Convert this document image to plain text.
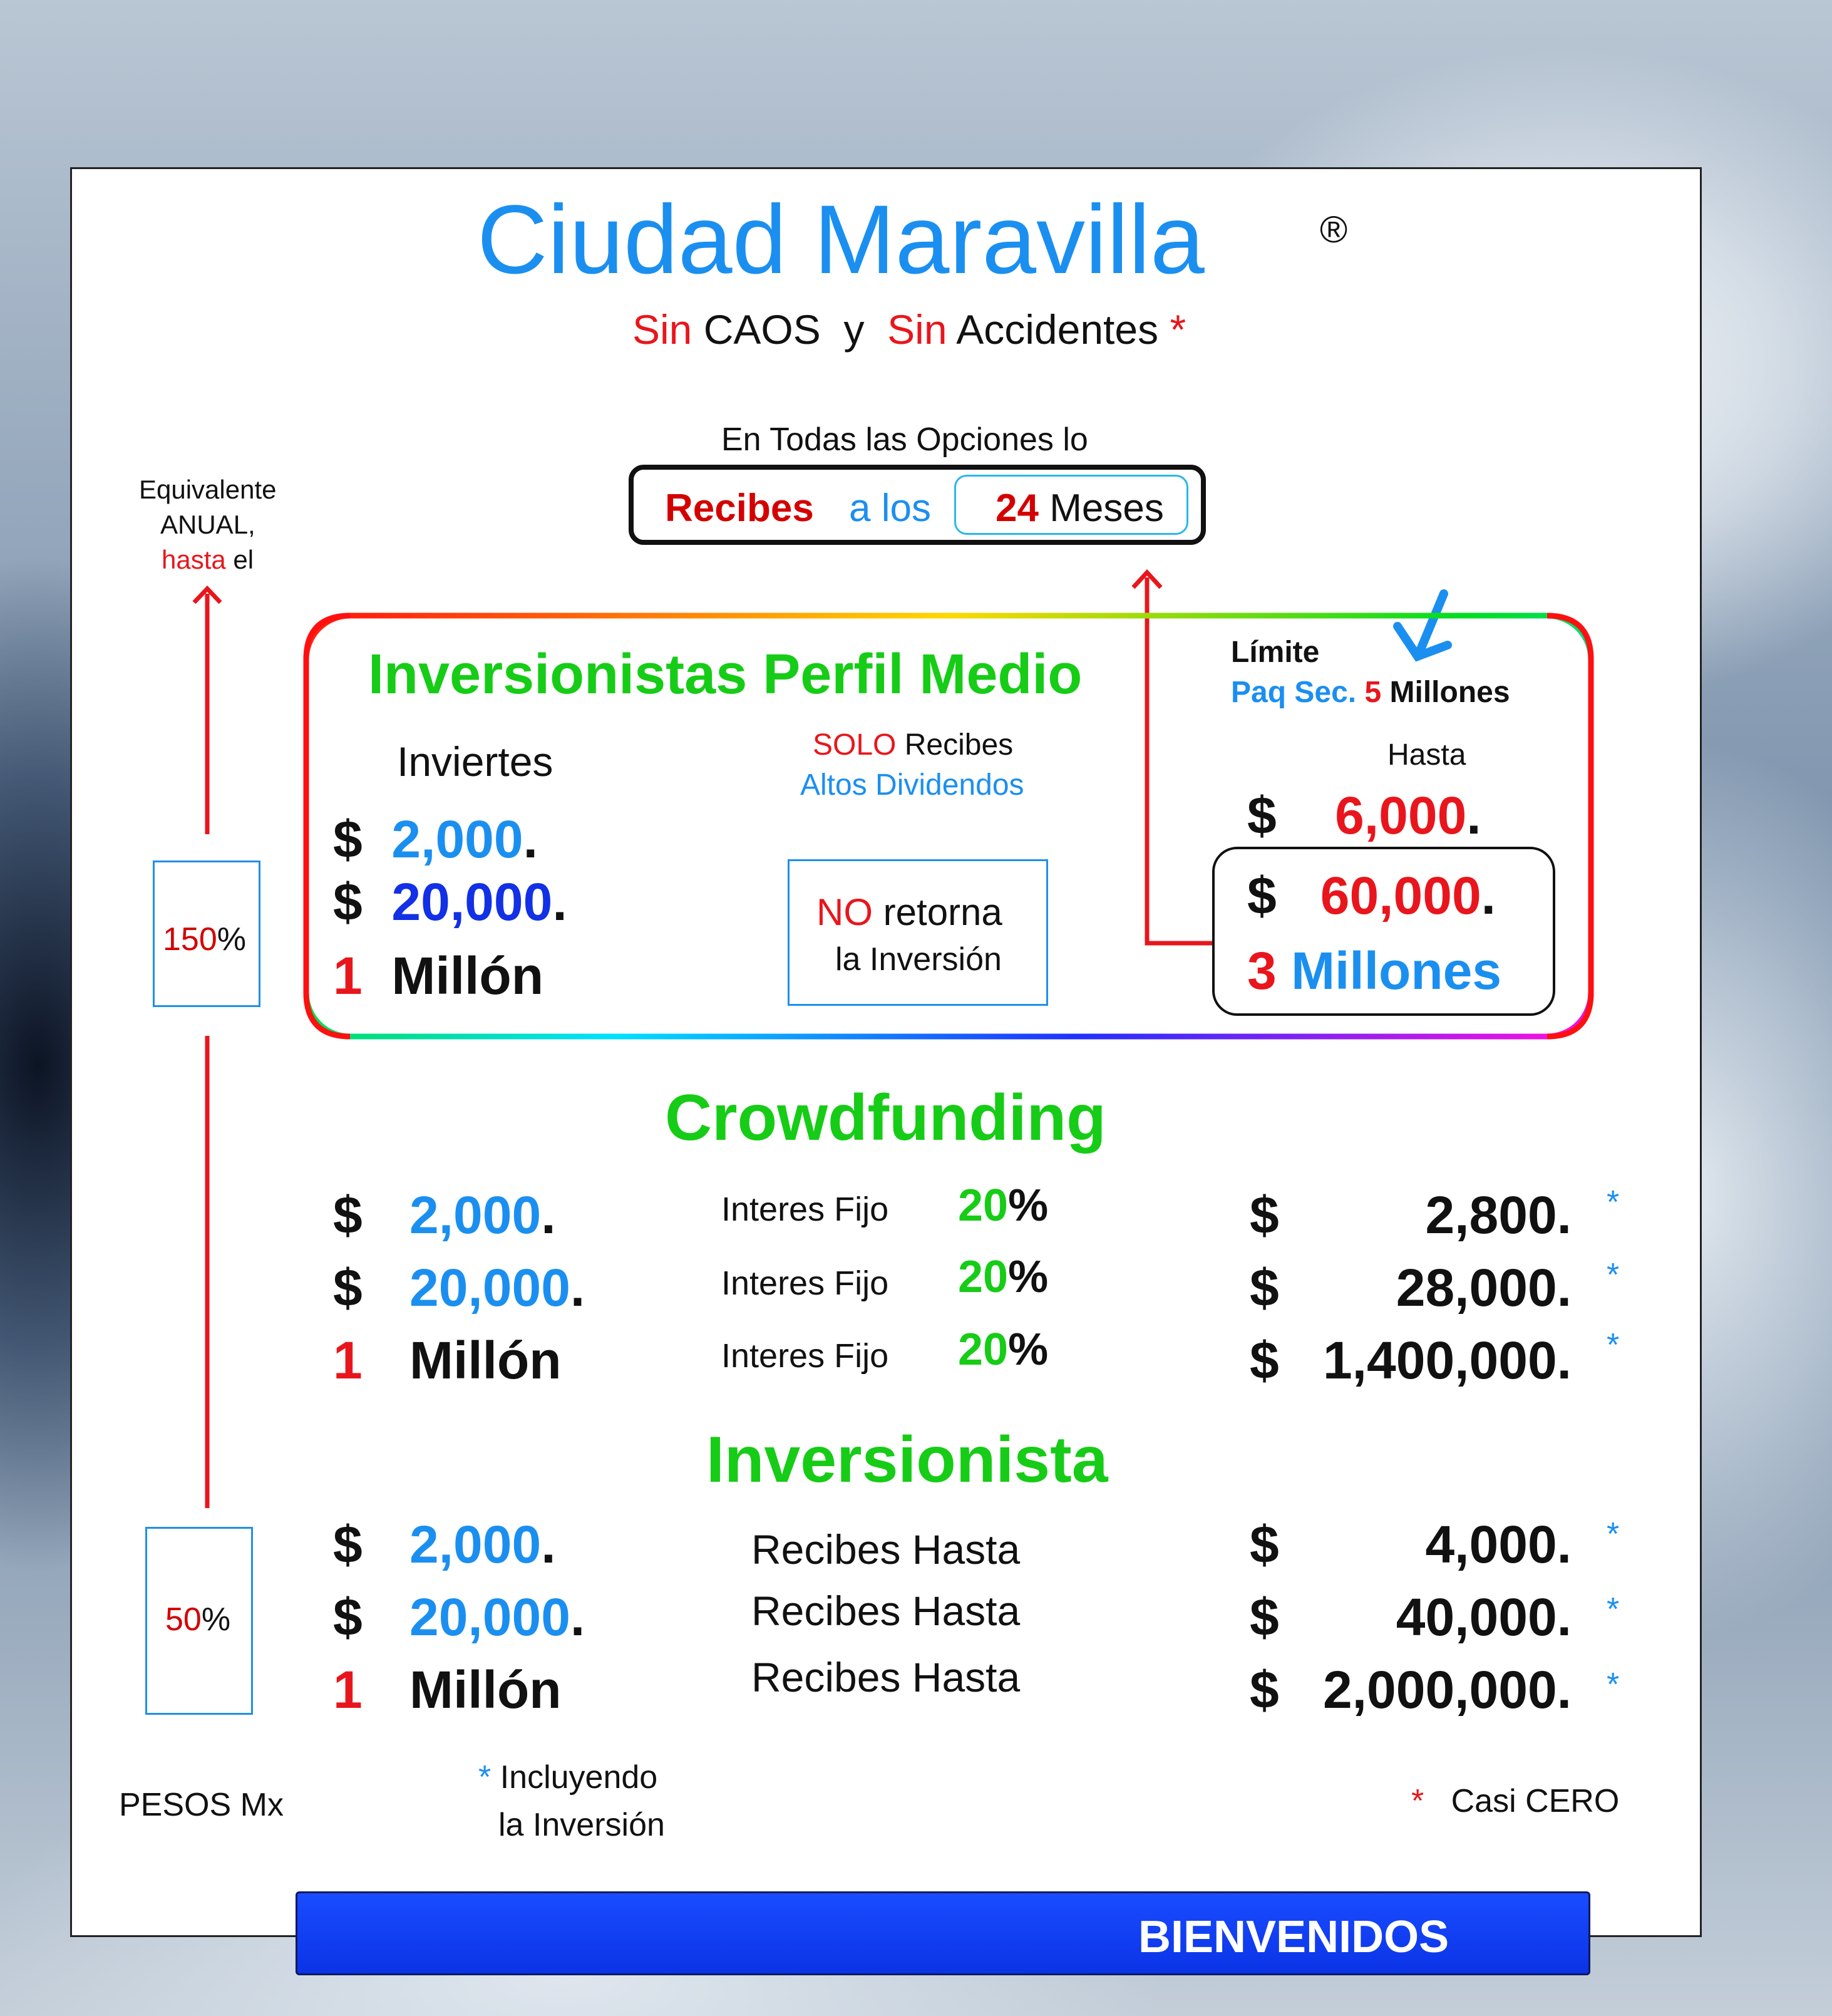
Ciudad Maravilla	®
Sin CAOS y Sin Accidentes *
En Todas las Opciones lo
Recibes a los 24 Meses
Equivalente
ANUAL,
hasta el
150%
50%
Inversionistas Perfil Medio
Inviertes	SOLO Recibes
Altos Dividendos
Límite
Paq Sec. 5 Millones
Hasta
$ 2,000.
$ 20,000.
1 Millón
NO retorna
la Inversión
$ 6,000.
$ 60,000.
3 Millones
Crowdfunding
$ 2,000.	Interes Fijo 20%	$	2,800. *
$ 20,000.	Interes Fijo 20%	$ 28,000. *
1 Millón	Interes Fijo 20%	$ 1,400,000. *
Inversionista
$ 2,000.	Recibes Hasta	$	4,000. *
$ 20,000.	Recibes Hasta	$ 40,000. *
1 Millón	Recibes Hasta	$ 2,000,000. *
PESOS Mx
* Incluyendo
la Inversión
* Casi CERO
BIENVENIDOS
